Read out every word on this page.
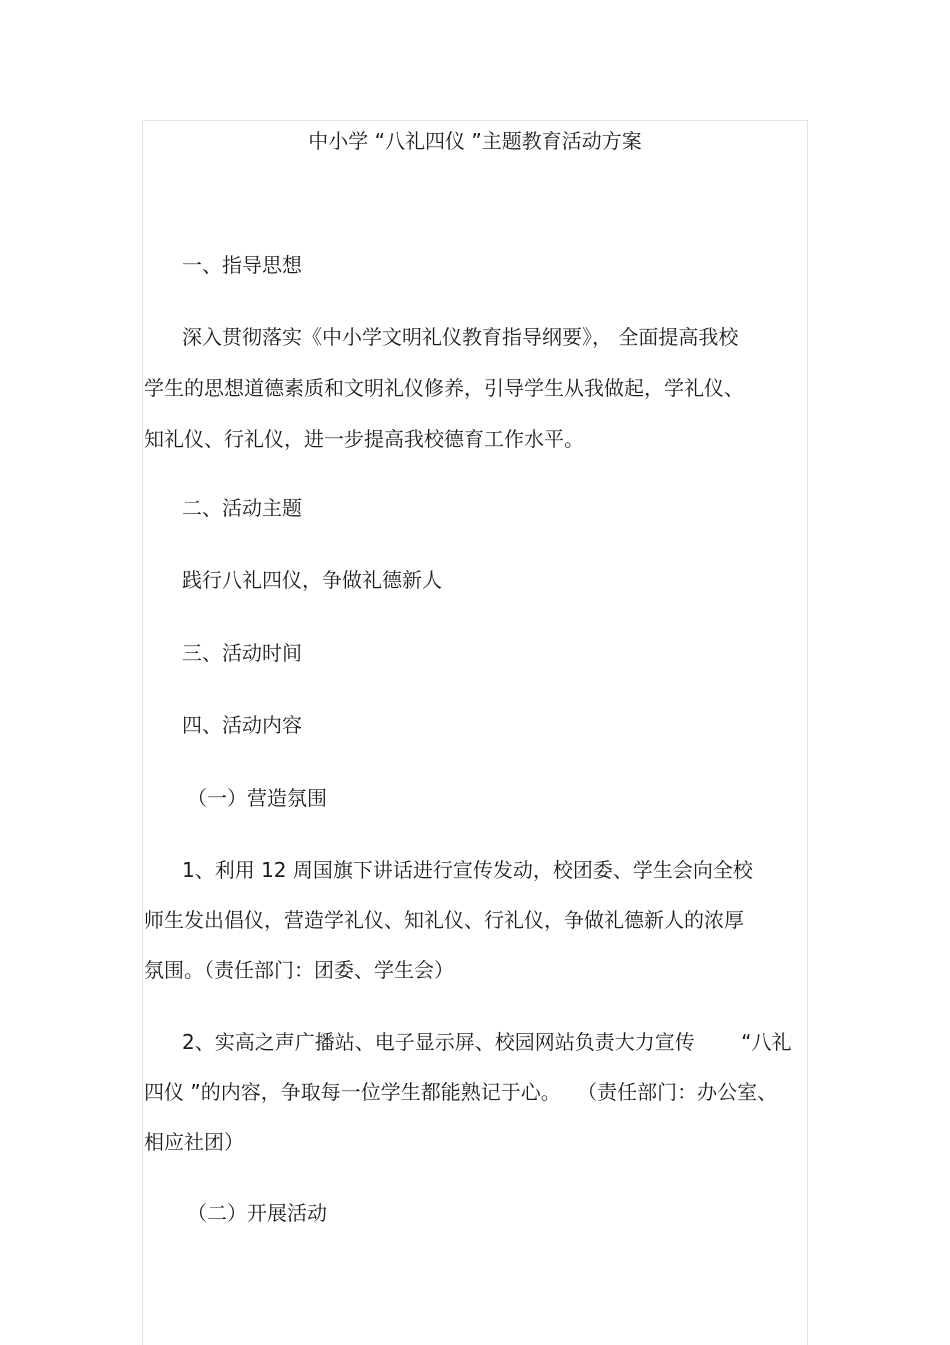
中小学 “八礼四仪 ”主题教育活动方案
一、指导思想
深入贯彻落实《中小学文明礼仪教育指导纲要》， 全面提高我校
学生的思想道德素质和文明礼仪修养，引导学生从我做起，学礼仪、
知礼仪、行礼仪，进一步提高我校德育工作水平。
二、活动主题
践行八礼四仪，争做礼德新人
三、活动时间
四、活动内容
（一）营造氛围
1、利用 12 周国旗下讲话进行宣传发动，校团委、学生会向全校
师生发出倡仪，营造学礼仪、知礼仪、行礼仪，争做礼德新人的浓厚
氛围。（责任部门：团委、学生会）
2、实高之声广播站、电子显示屏、校园网站负责大力宣传　　 “八礼
四仪 ”的内容，争取每一位学生都能熟记于心。　 （责任部门：办公室、
相应社团）
（二）开展活动
